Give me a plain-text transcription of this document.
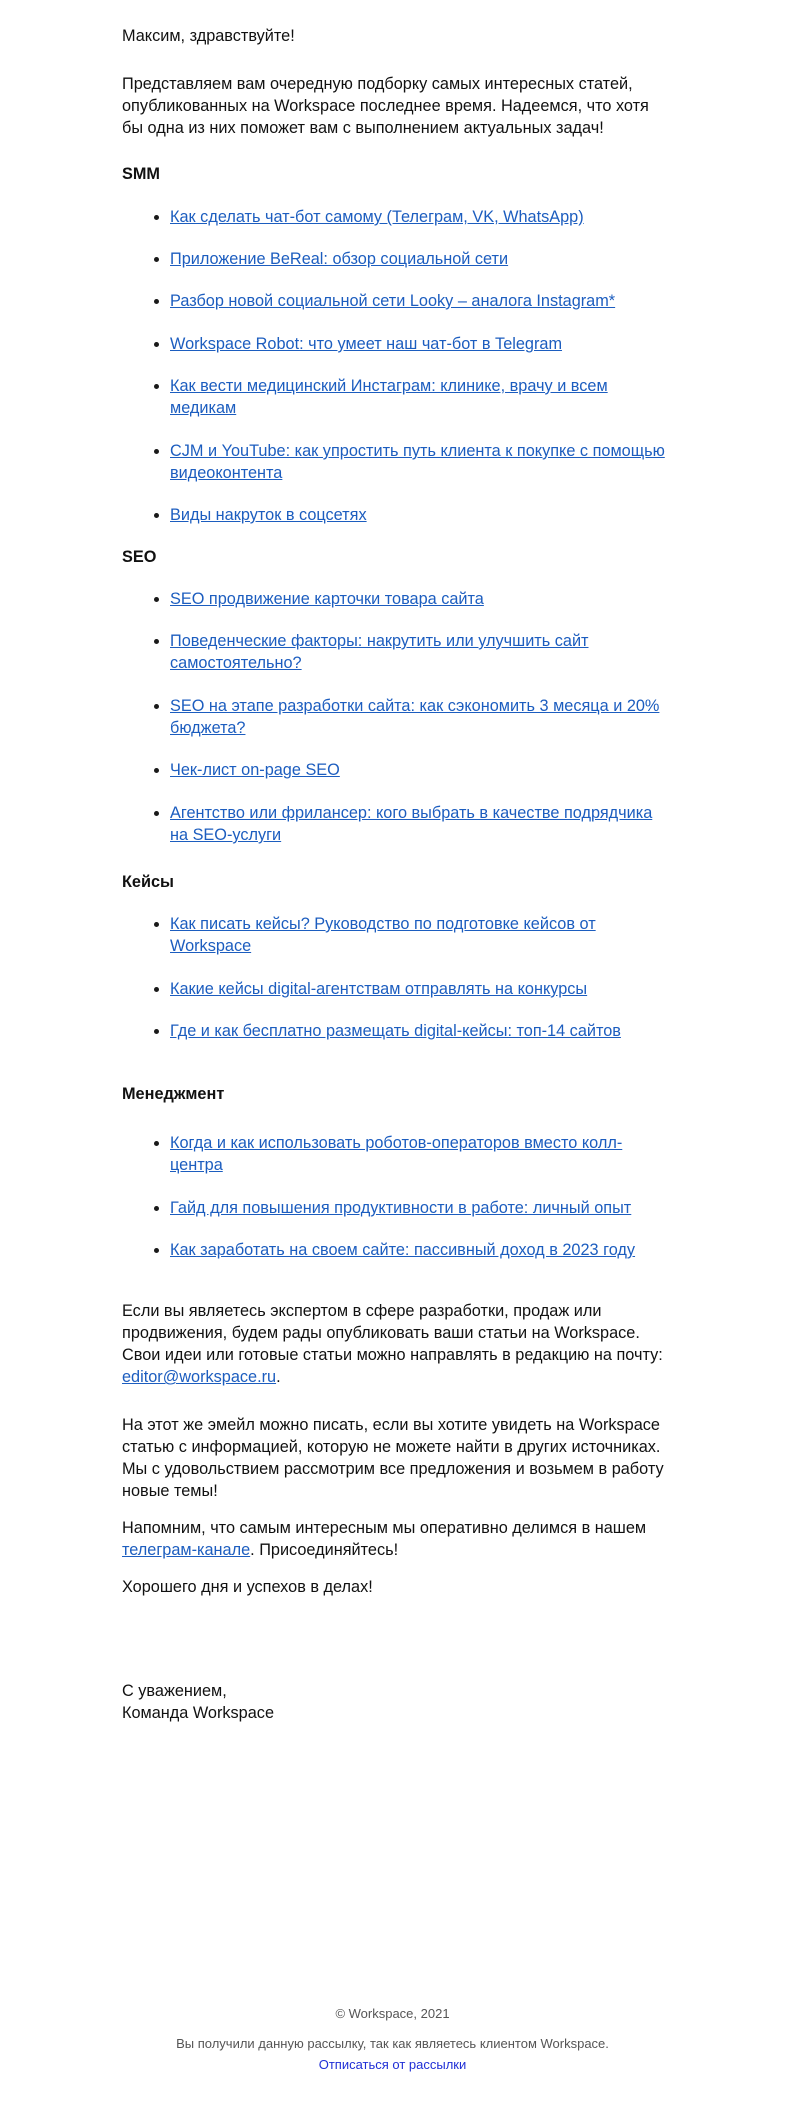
Максим, здравствуйте!

Представляем вам очередную подборку самых интересных статей, опубликованных на Workspace последнее время. Надеемся, что хотя бы одна из них поможет вам с выполнением актуальных задач!

SMM
• Как сделать чат-бот самому (Телеграм, VK, WhatsApp)
• Приложение BeReal: обзор социальной сети
• Разбор новой социальной сети Looky – аналога Instagram*
• Workspace Robot: что умеет наш чат-бот в Telegram
• Как вести медицинский Инстаграм: клинике, врачу и всем медикам
• CJM и YouTube: как упростить путь клиента к покупке с помощью видеоконтента
• Виды накруток в соцсетях
SEO
• SEO продвижение карточки товара сайта
• Поведенческие факторы: накрутить или улучшить сайт самостоятельно?
• SEO на этапе разработки сайта: как сэкономить 3 месяца и 20% бюджета?
• Чек-лист on-page SEO
• Агентство или фрилансер: кого выбрать в качестве подрядчика на SEO-услуги
Кейсы
• Как писать кейсы? Руководство по подготовке кейсов от Workspace
• Какие кейсы digital-агентствам отправлять на конкурсы
• Где и как бесплатно размещать digital-кейсы: топ-14 сайтов
Менеджмент
• Когда и как использовать роботов-операторов вместо колл-центра
• Гайд для повышения продуктивности в работе: личный опыт
• Как заработать на своем сайте: пассивный доход в 2023 году

Если вы являетесь экспертом в сфере разработки, продаж или продвижения, будем рады опубликовать ваши статьи на Workspace. Свои идеи или готовые статьи можно направлять в редакцию на почту: editor@workspace.ru.

На этот же эмейл можно писать, если вы хотите увидеть на Workspace статью с информацией, которую не можете найти в других источниках. Мы с удовольствием рассмотрим все предложения и возьмем в работу новые темы!

Напомним, что самым интересным мы оперативно делимся в нашем телеграм-канале. Присоединяйтесь!

Хорошего дня и успехов в делах!

С уважением,

Команда Workspace

© Workspace, 2021
Вы получили данную рассылку, так как являетесь клиентом Workspace.
Отписаться от рассылки
